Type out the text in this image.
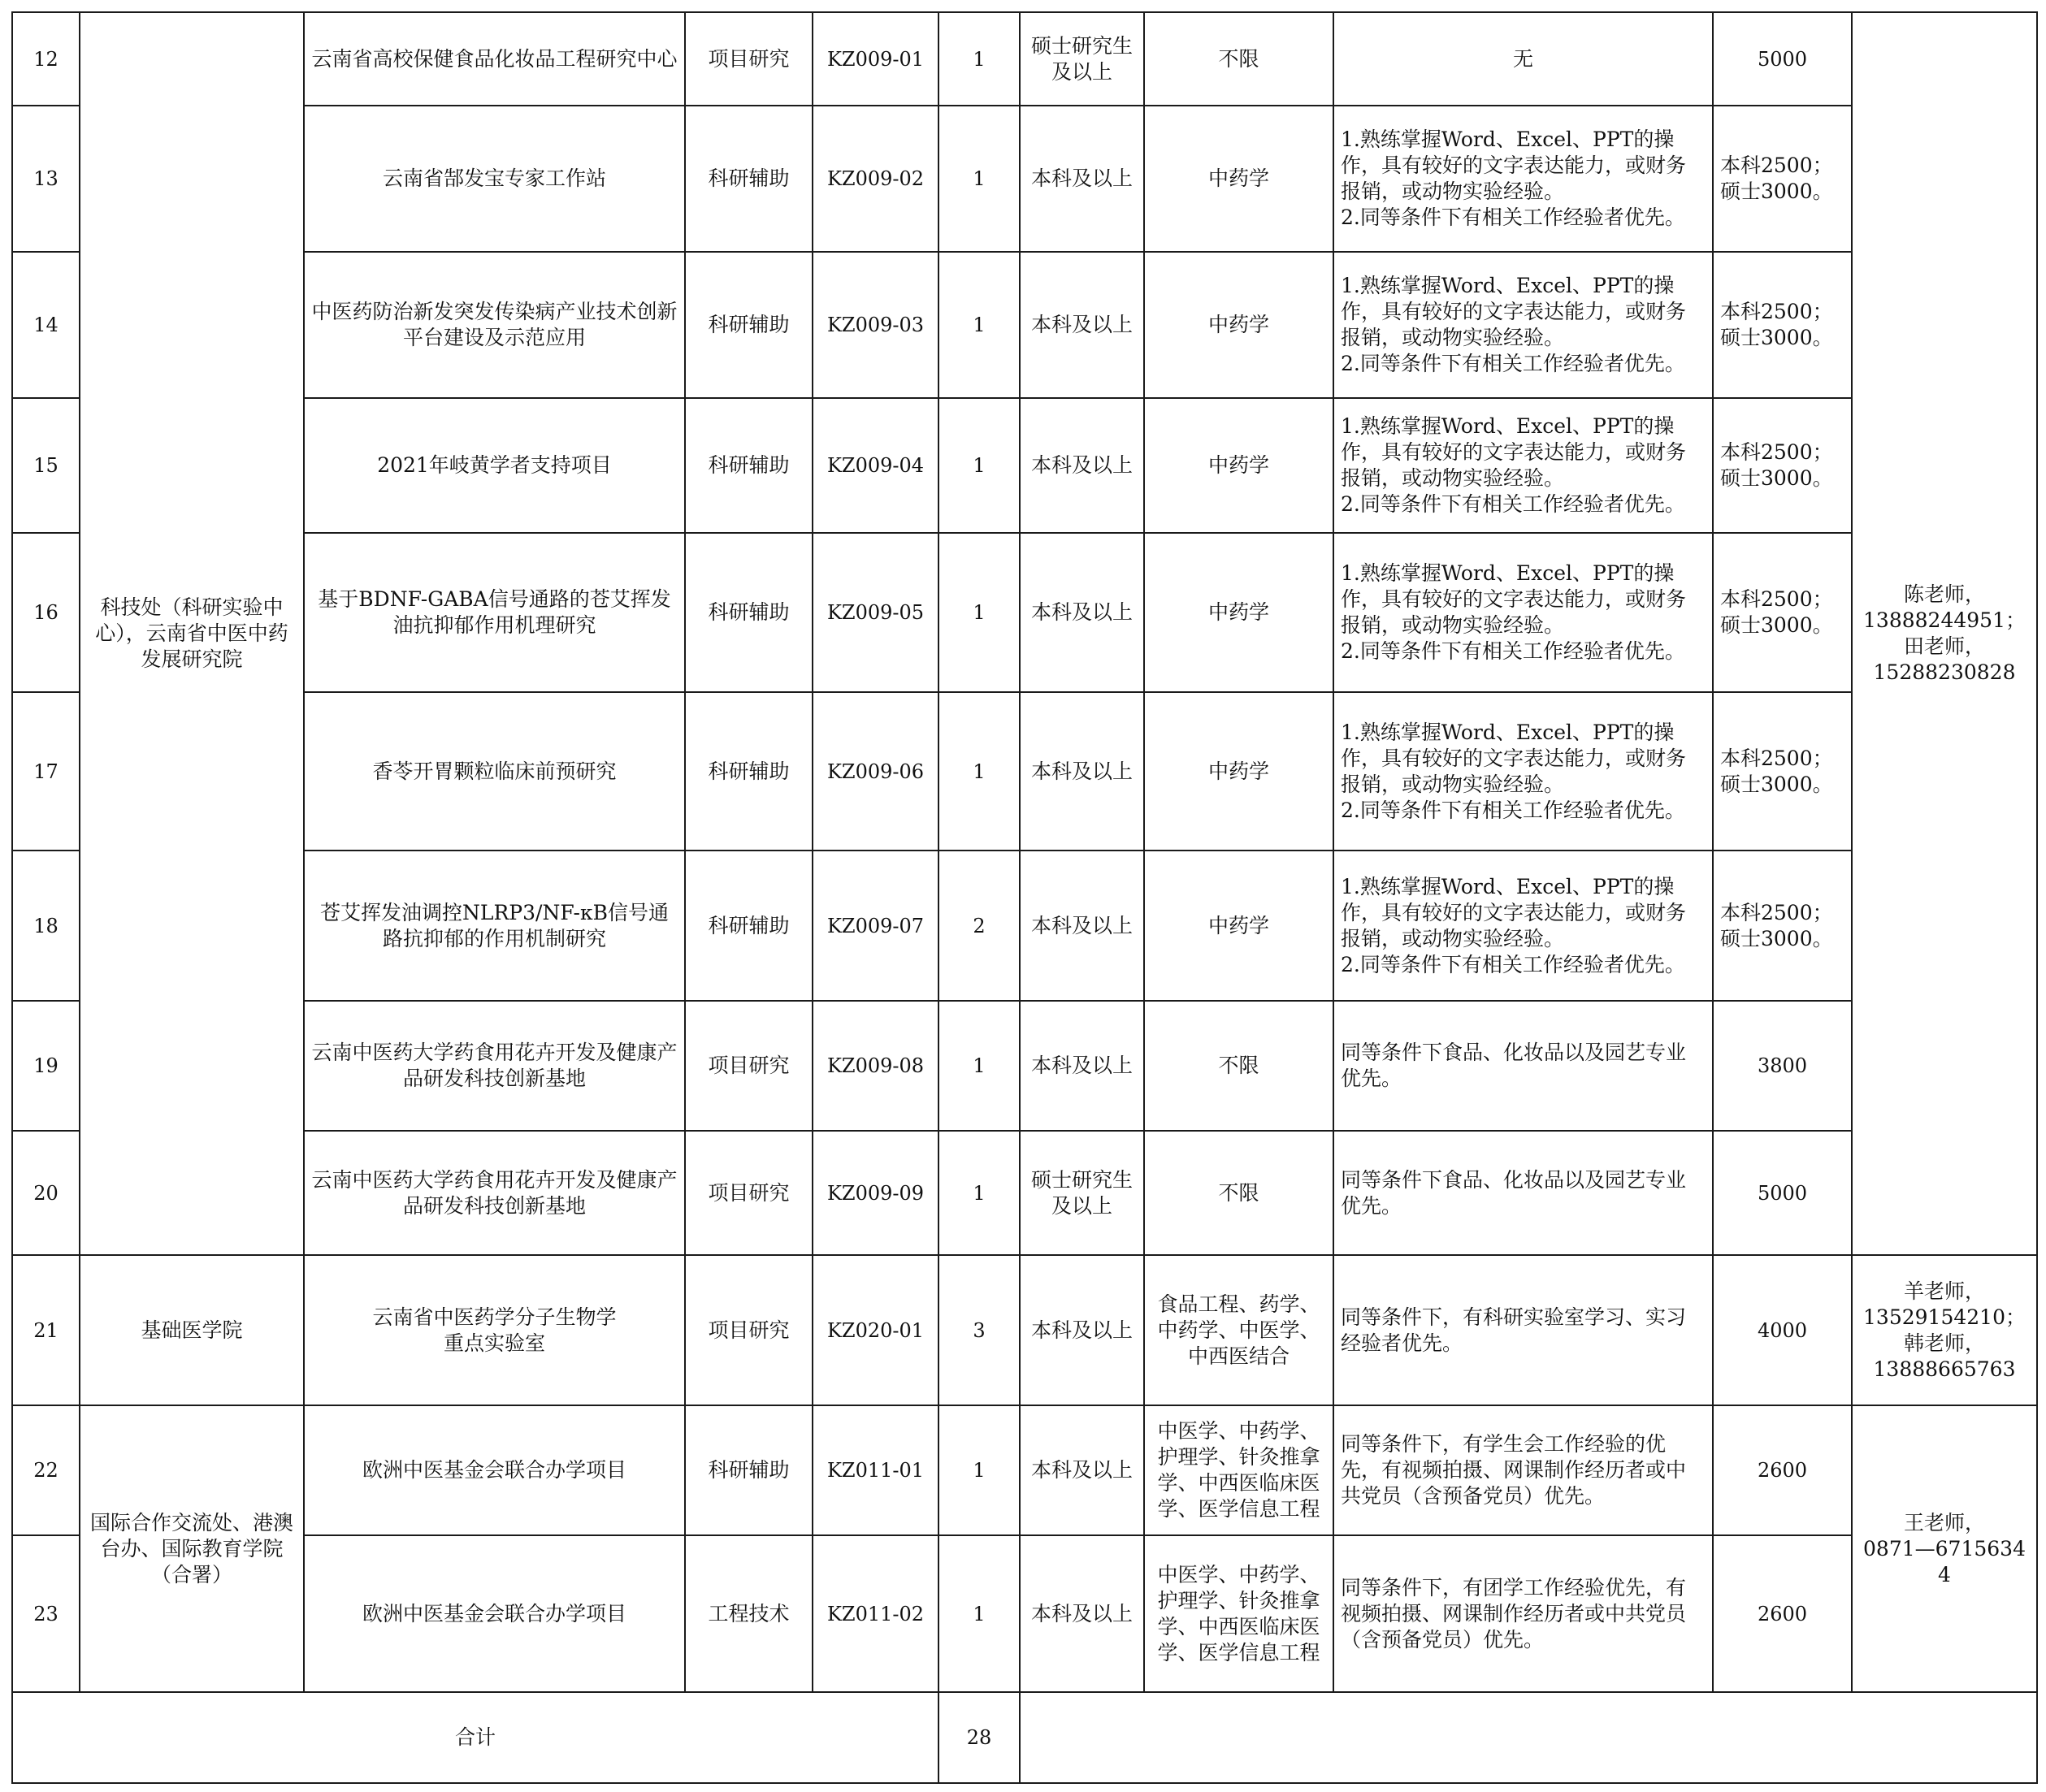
12	科技处（科研实验中心），云南省中医中药发展研究院	云南省高校保健食品化妆品工程研究中心	项目研究	KZ009-01	1	硕士研究生及以上	不限	无	5000	陈老师，
13888244951；
田老师，
15288230828
13		云南省郜发宝专家工作站	科研辅助	KZ009-02	1	本科及以上	中药学	1.熟练掌握Word、Excel、PPT的操作，具有较好的文字表达能力，或财务报销，或动物实验经验。
2.同等条件下有相关工作经验者优先。	本科2500；
硕士3000。	
14		中医药防治新发突发传染病产业技术创新平台建设及示范应用	科研辅助	KZ009-03	1	本科及以上	中药学	1.熟练掌握Word、Excel、PPT的操作，具有较好的文字表达能力，或财务报销，或动物实验经验。
2.同等条件下有相关工作经验者优先。	本科2500；
硕士3000。	
15		2021年岐黄学者支持项目	科研辅助	KZ009-04	1	本科及以上	中药学	1.熟练掌握Word、Excel、PPT的操作，具有较好的文字表达能力，或财务报销，或动物实验经验。
2.同等条件下有相关工作经验者优先。	本科2500；
硕士3000。	
16		基于BDNF-GABA信号通路的苍艾挥发油抗抑郁作用机理研究	科研辅助	KZ009-05	1	本科及以上	中药学	1.熟练掌握Word、Excel、PPT的操作，具有较好的文字表达能力，或财务报销，或动物实验经验。
2.同等条件下有相关工作经验者优先。	本科2500；
硕士3000。	
17		香苓开胃颗粒临床前预研究	科研辅助	KZ009-06	1	本科及以上	中药学	1.熟练掌握Word、Excel、PPT的操作，具有较好的文字表达能力，或财务报销，或动物实验经验。
2.同等条件下有相关工作经验者优先。	本科2500；
硕士3000。	
18		苍艾挥发油调控NLRP3/NF-κB信号通路抗抑郁的作用机制研究	科研辅助	KZ009-07	2	本科及以上	中药学	1.熟练掌握Word、Excel、PPT的操作，具有较好的文字表达能力，或财务报销，或动物实验经验。
2.同等条件下有相关工作经验者优先。	本科2500；
硕士3000。	
19		云南中医药大学药食用花卉开发及健康产品研发科技创新基地	项目研究	KZ009-08	1	本科及以上	不限	同等条件下食品、化妆品以及园艺专业优先。	3800	
20		云南中医药大学药食用花卉开发及健康产品研发科技创新基地	项目研究	KZ009-09	1	硕士研究生及以上	不限	同等条件下食品、化妆品以及园艺专业优先。	5000	
21	基础医学院	云南省中医药学分子生物学
重点实验室	项目研究	KZ020-01	3	本科及以上	食品工程、药学、中药学、中医学、中西医结合	同等条件下，有科研实验室学习、实习经验者优先。	4000	羊老师，
13529154210；
韩老师，
13888665763
22	国际合作交流处、港澳台办、国际教育学院（合署）	欧洲中医基金会联合办学项目	科研辅助	KZ011-01	1	本科及以上	中医学、中药学、护理学、针灸推拿学、中西医临床医学、医学信息工程	同等条件下，有学生会工作经验的优先，有视频拍摄、网课制作经历者或中共党员（含预备党员）优先。	2600	王老师，
0871—67156344
23		欧洲中医基金会联合办学项目	工程技术	KZ011-02	1	本科及以上	中医学、中药学、护理学、针灸推拿学、中西医临床医学、医学信息工程	同等条件下，有团学工作经验优先，有视频拍摄、网课制作经历者或中共党员（含预备党员）优先。	2600	
合计					28					
